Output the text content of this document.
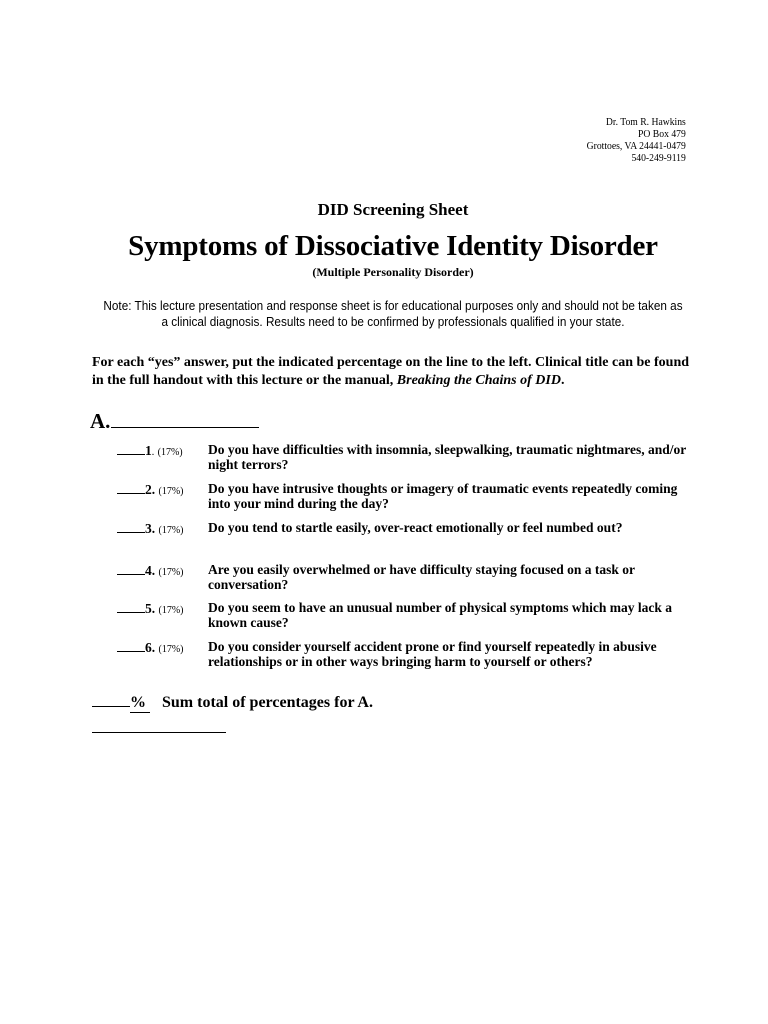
Dr. Tom R. Hawkins
PO Box 479
Grottoes, VA 24441-0479
540-249-9119
DID Screening Sheet
Symptoms of Dissociative Identity Disorder
(Multiple Personality Disorder)
Note: This lecture presentation and response sheet is for educational purposes only and should not be taken as a clinical diagnosis. Results need to be confirmed by professionals qualified in your state.
For each “yes” answer, put the indicated percentage on the line to the left. Clinical title can be found in the full handout with this lecture or the manual, Breaking the Chains of DID.
A.
1. (17%)	Do you have difficulties with insomnia, sleepwalking, traumatic nightmares, and/or night terrors?
2. (17%)	Do you have intrusive thoughts or imagery of traumatic events repeatedly coming into your mind during the day?
3. (17%)	Do you tend to startle easily, over-react emotionally or feel numbed out?
4. (17%)	Are you easily overwhelmed or have difficulty staying focused on a task or conversation?
5. (17%)	Do you seem to have an unusual number of physical symptoms which may lack a known cause?
6. (17%)	Do you consider yourself accident prone or find yourself repeatedly in abusive relationships or in other ways bringing harm to yourself or others?
% Sum total of percentages for A.
